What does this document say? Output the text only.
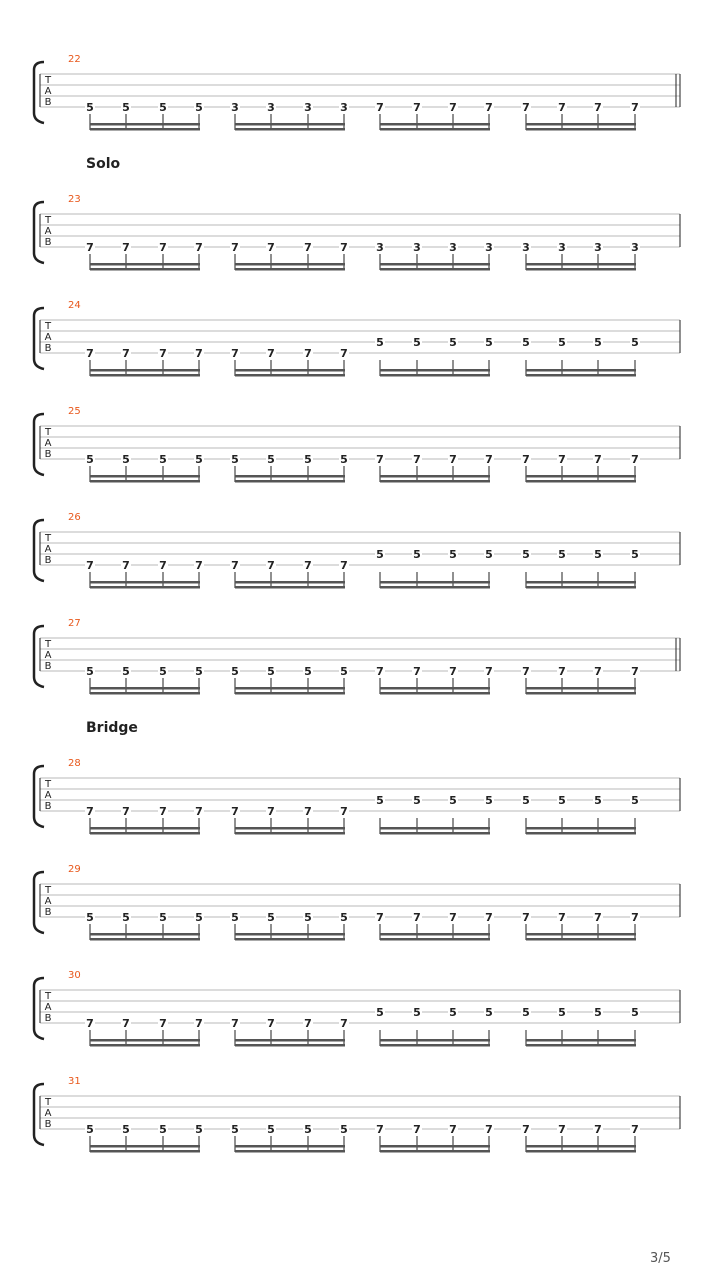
22
T
A
B	5	5	5	5	3	3	3	3	7	7	7	7	7	7	7	7
Solo
23
T
A
B	7	7	7	7	7	7	7	7	3	3	3	3	3	3	3	3
24
T
A
B	7	7	7	7	7	7	7	7
5	5	5	5	5	5	5	5
25
T
A
B	5	5	5	5	5	5	5	5	7	7	7	7	7	7	7	7
26
T
A
B	7	7	7	7	7	7	7	7
5	5	5	5	5	5	5	5
27
T
A
B	5	5	5	5	5	5	5	5	7	7	7	7	7	7	7	7
Bridge
28
T
A
B	7	7	7	7	7	7	7	7
5	5	5	5	5	5	5	5
29
T
A
B	5	5	5	5	5	5	5	5	7	7	7	7	7	7	7	7
30
T
A
B	7	7	7	7	7	7	7	7
5	5	5	5	5	5	5	5
31
T
A
B	5	5	5	5	5	5	5	5	7	7	7	7	7	7	7	7
3/5
